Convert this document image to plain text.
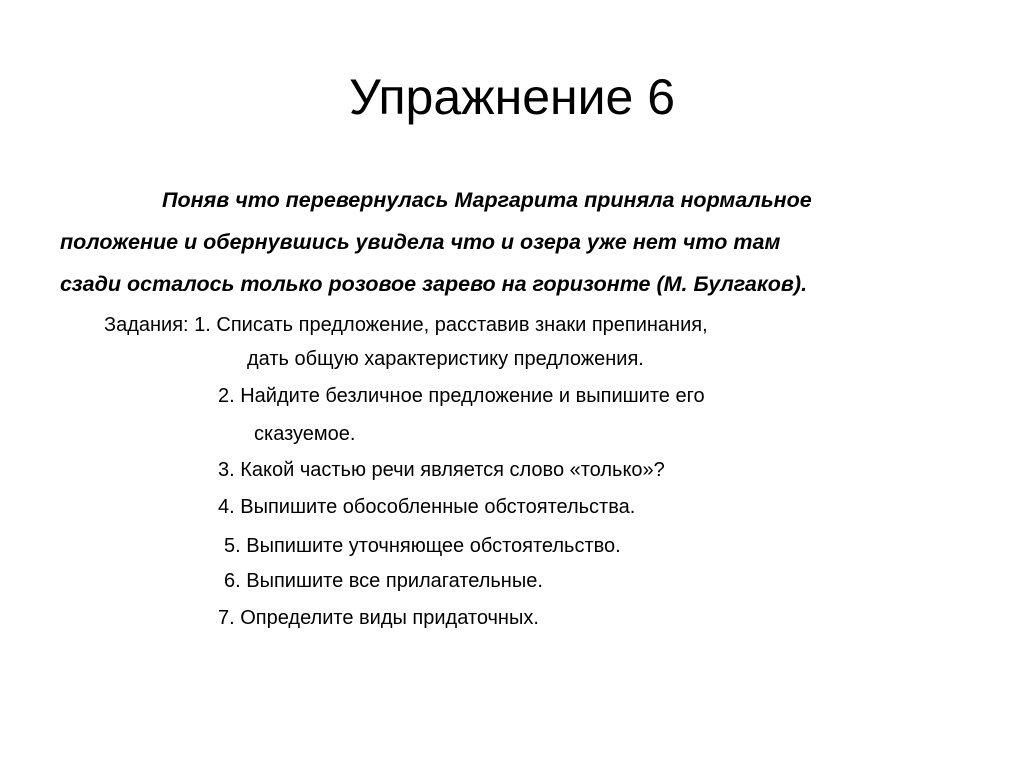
Упражнение 6
Поняв что перевернулась Маргарита приняла нормальное
положение и обернувшись увидела что и озера уже нет что там
сзади осталось только розовое зарево на горизонте (М. Булгаков).
Задания: 1. Списать предложение, расставив знаки препинания,
дать общую характеристику предложения.
2. Найдите безличное предложение и выпишите его
сказуемое.
3. Какой частью речи является слово «только»?
4. Выпишите обособленные обстоятельства.
5. Выпишите уточняющее обстоятельство.
6. Выпишите все прилагательные.
7. Определите виды придаточных.
